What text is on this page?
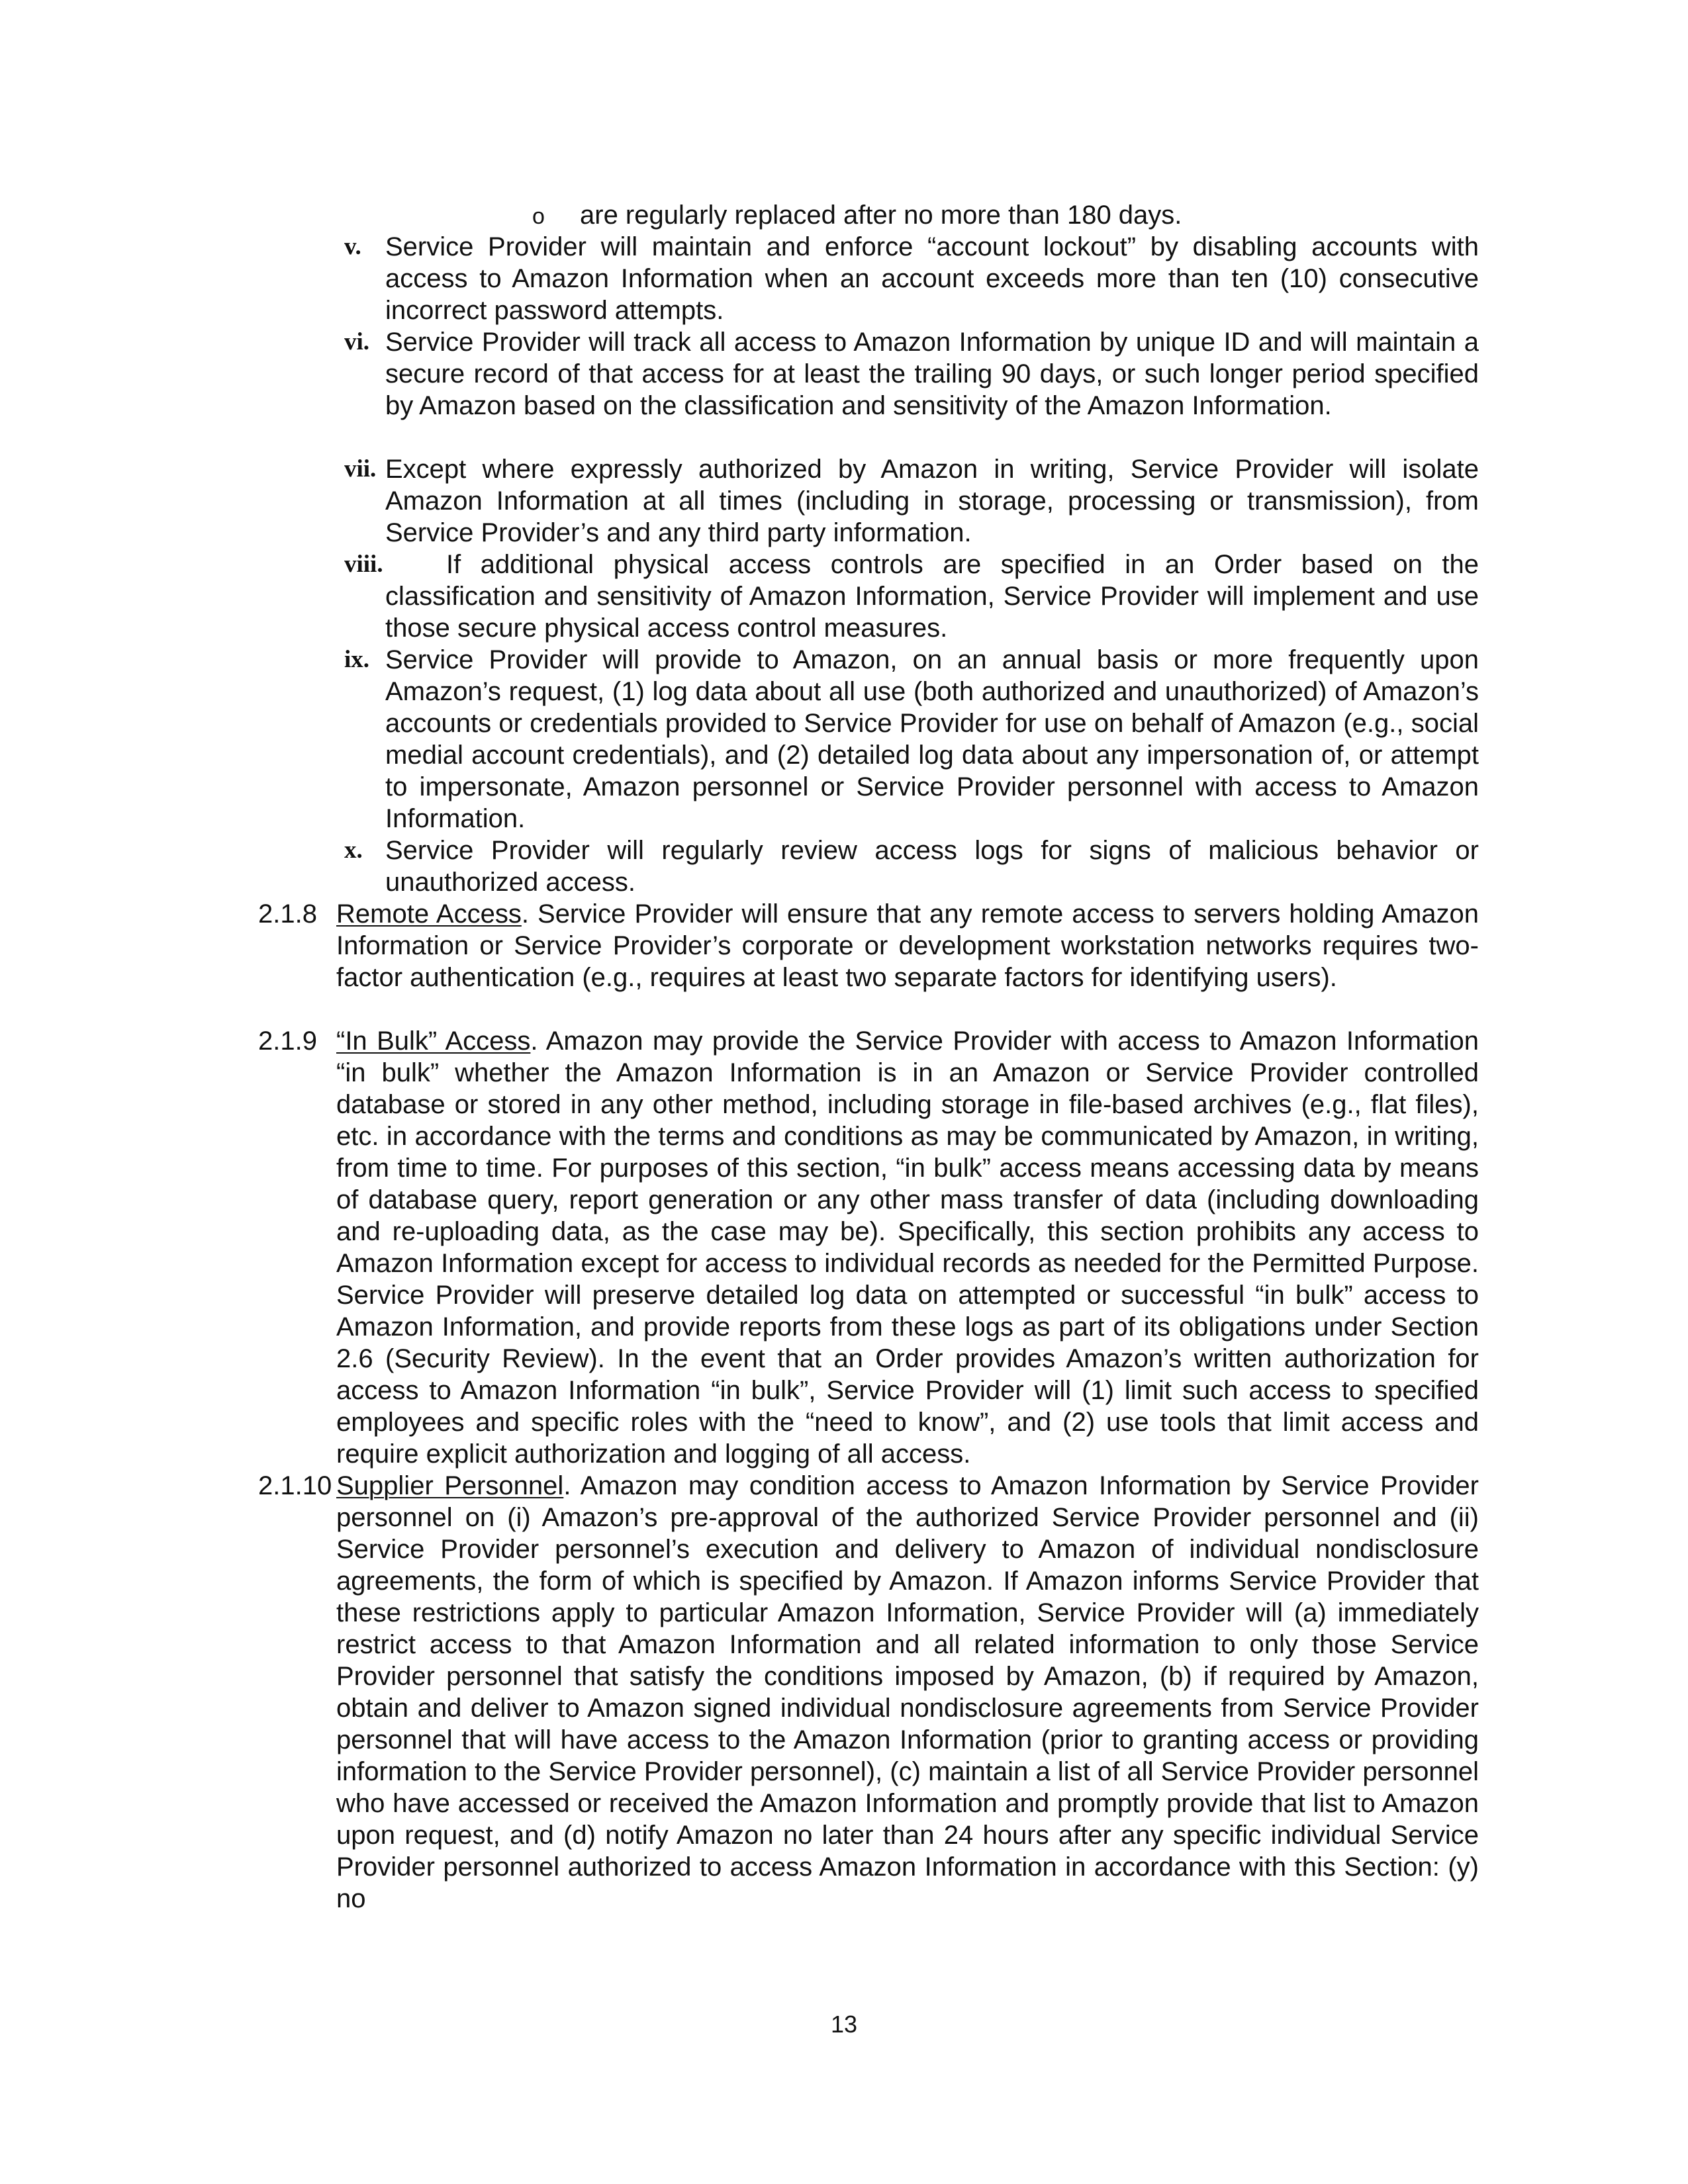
o are regularly replaced after no more than 180 days.
v. Service Provider will maintain and enforce “account lockout” by disabling accounts with access to Amazon Information when an account exceeds more than ten (10) consecutive incorrect password attempts.
vi. Service Provider will track all access to Amazon Information by unique ID and will maintain a secure record of that access for at least the trailing 90 days, or such longer period specified by Amazon based on the classification and sensitivity of the Amazon Information.
vii. Except where expressly authorized by Amazon in writing, Service Provider will isolate Amazon Information at all times (including in storage, processing or transmission), from Service Provider’s and any third party information.
viii.	If additional physical access controls are specified in an Order based on the classification and sensitivity of Amazon Information, Service Provider will implement and use those secure physical access control measures.
ix. Service Provider will provide to Amazon, on an annual basis or more frequently upon Amazon’s request, (1) log data about all use (both authorized and unauthorized) of Amazon’s accounts or credentials provided to Service Provider for use on behalf of Amazon (e.g., social medial account credentials), and (2) detailed log data about any impersonation of, or attempt to impersonate, Amazon personnel or Service Provider personnel with access to Amazon Information.
x. Service Provider will regularly review access logs for signs of malicious behavior or unauthorized access.
2.1.8 Remote Access. Service Provider will ensure that any remote access to servers holding Amazon Information or Service Provider’s corporate or development workstation networks requires two-factor authentication (e.g., requires at least two separate factors for identifying users).
2.1.9 “In Bulk” Access. Amazon may provide the Service Provider with access to Amazon Information “in bulk” whether the Amazon Information is in an Amazon or Service Provider controlled database or stored in any other method, including storage in file-based archives (e.g., flat files), etc. in accordance with the terms and conditions as may be communicated by Amazon, in writing, from time to time. For purposes of this section, “in bulk” access means accessing data by means of database query, report generation or any other mass transfer of data (including downloading and re-uploading data, as the case may be). Specifically, this section prohibits any access to Amazon Information except for access to individual records as needed for the Permitted Purpose. Service Provider will preserve detailed log data on attempted or successful “in bulk” access to Amazon Information, and provide reports from these logs as part of its obligations under Section 2.6 (Security Review). In the event that an Order provides Amazon’s written authorization for access to Amazon Information “in bulk”, Service Provider will (1) limit such access to specified employees and specific roles with the “need to know”, and (2) use tools that limit access and require explicit authorization and logging of all access.
2.1.10 Supplier Personnel. Amazon may condition access to Amazon Information by Service Provider personnel on (i) Amazon’s pre-approval of the authorized Service Provider personnel and (ii) Service Provider personnel’s execution and delivery to Amazon of individual nondisclosure agreements, the form of which is specified by Amazon. If Amazon informs Service Provider that these restrictions apply to particular Amazon Information, Service Provider will (a) immediately restrict access to that Amazon Information and all related information to only those Service Provider personnel that satisfy the conditions imposed by Amazon, (b) if required by Amazon, obtain and deliver to Amazon signed individual nondisclosure agreements from Service Provider personnel that will have access to the Amazon Information (prior to granting access or providing information to the Service Provider personnel), (c) maintain a list of all Service Provider personnel who have accessed or received the Amazon Information and promptly provide that list to Amazon upon request, and (d) notify Amazon no later than 24 hours after any specific individual Service Provider personnel authorized to access Amazon Information in accordance with this Section: (y) no
13
